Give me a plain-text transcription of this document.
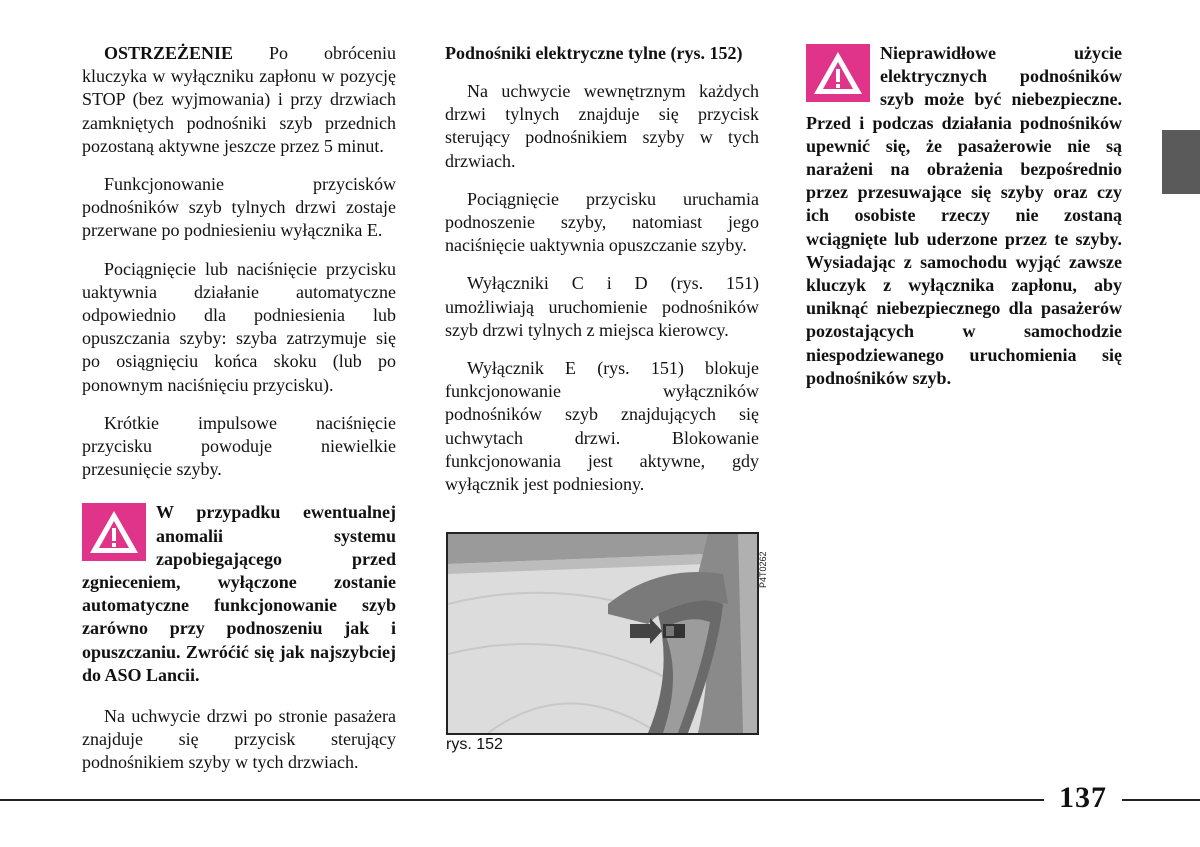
OSTRZEŻENIE Po obróceniu kluczyka w wyłączniku zapłonu w pozycję STOP (bez wyjmowania) i przy drzwiach zamkniętych podnośniki szyb przednich pozostaną aktywne jeszcze przez 5 minut.

Funkcjonowanie przycisków podnośników szyb tylnych drzwi zostaje przerwane po podniesieniu wyłącznika E.

Pociągnięcie lub naciśnięcie przycisku uaktywnia działanie automatyczne odpowiednio dla podniesienia lub opuszczania szyby: szyba zatrzymuje się po osiągnięciu końca skoku (lub po ponownym naciśnięciu przycisku).

Krótkie impulsowe naciśnięcie przycisku powoduje niewielkie przesunięcie szyby.

W przypadku ewentualnej anomalii systemu zapobiegającego przed zgnieceniem, wyłączone zostanie automatyczne funkcjonowanie szyb zarówno przy podnoszeniu jak i opuszczaniu. Zwróćić się jak najszybciej do ASO Lancii.

Na uchwycie drzwi po stronie pasażera znajduje się przycisk sterujący podnośnikiem szyby w tych drzwiach.

Podnośniki elektryczne tylne (rys. 152)

Na uchwycie wewnętrznym każdych drzwi tylnych znajduje się przycisk sterujący podnośnikiem szyby w tych drzwiach.

Pociągnięcie przycisku uruchamia podnoszenie szyby, natomiast jego naciśnięcie uaktywnia opuszczanie szyby.

Wyłączniki C i D (rys. 151) umożliwiają uruchomienie podnośników szyb drzwi tylnych z miejsca kierowcy.

Wyłącznik E (rys. 151) blokuje funkcjonowanie wyłączników podnośników szyb znajdujących się uchwytach drzwi. Blokowanie funkcjonowania jest aktywne, gdy wyłącznik jest podniesiony.

P4T0262
rys. 152

Nieprawidłowe użycie elektrycznych podnośników szyb może być niebezpieczne. Przed i podczas działania podnośników upewnić się, że pasażerowie nie są narażeni na obrażenia bezpośrednio przez przesuwające się szyby oraz czy ich osobiste rzeczy nie zostaną wciągnięte lub uderzone przez te szyby. Wysiadając z samochodu wyjąć zawsze kluczyk z wyłącznika zapłonu, aby uniknąć niebezpiecznego dla pasażerów pozostających w samochodzie niespodziewanego uruchomienia się podnośników szyb.

137
